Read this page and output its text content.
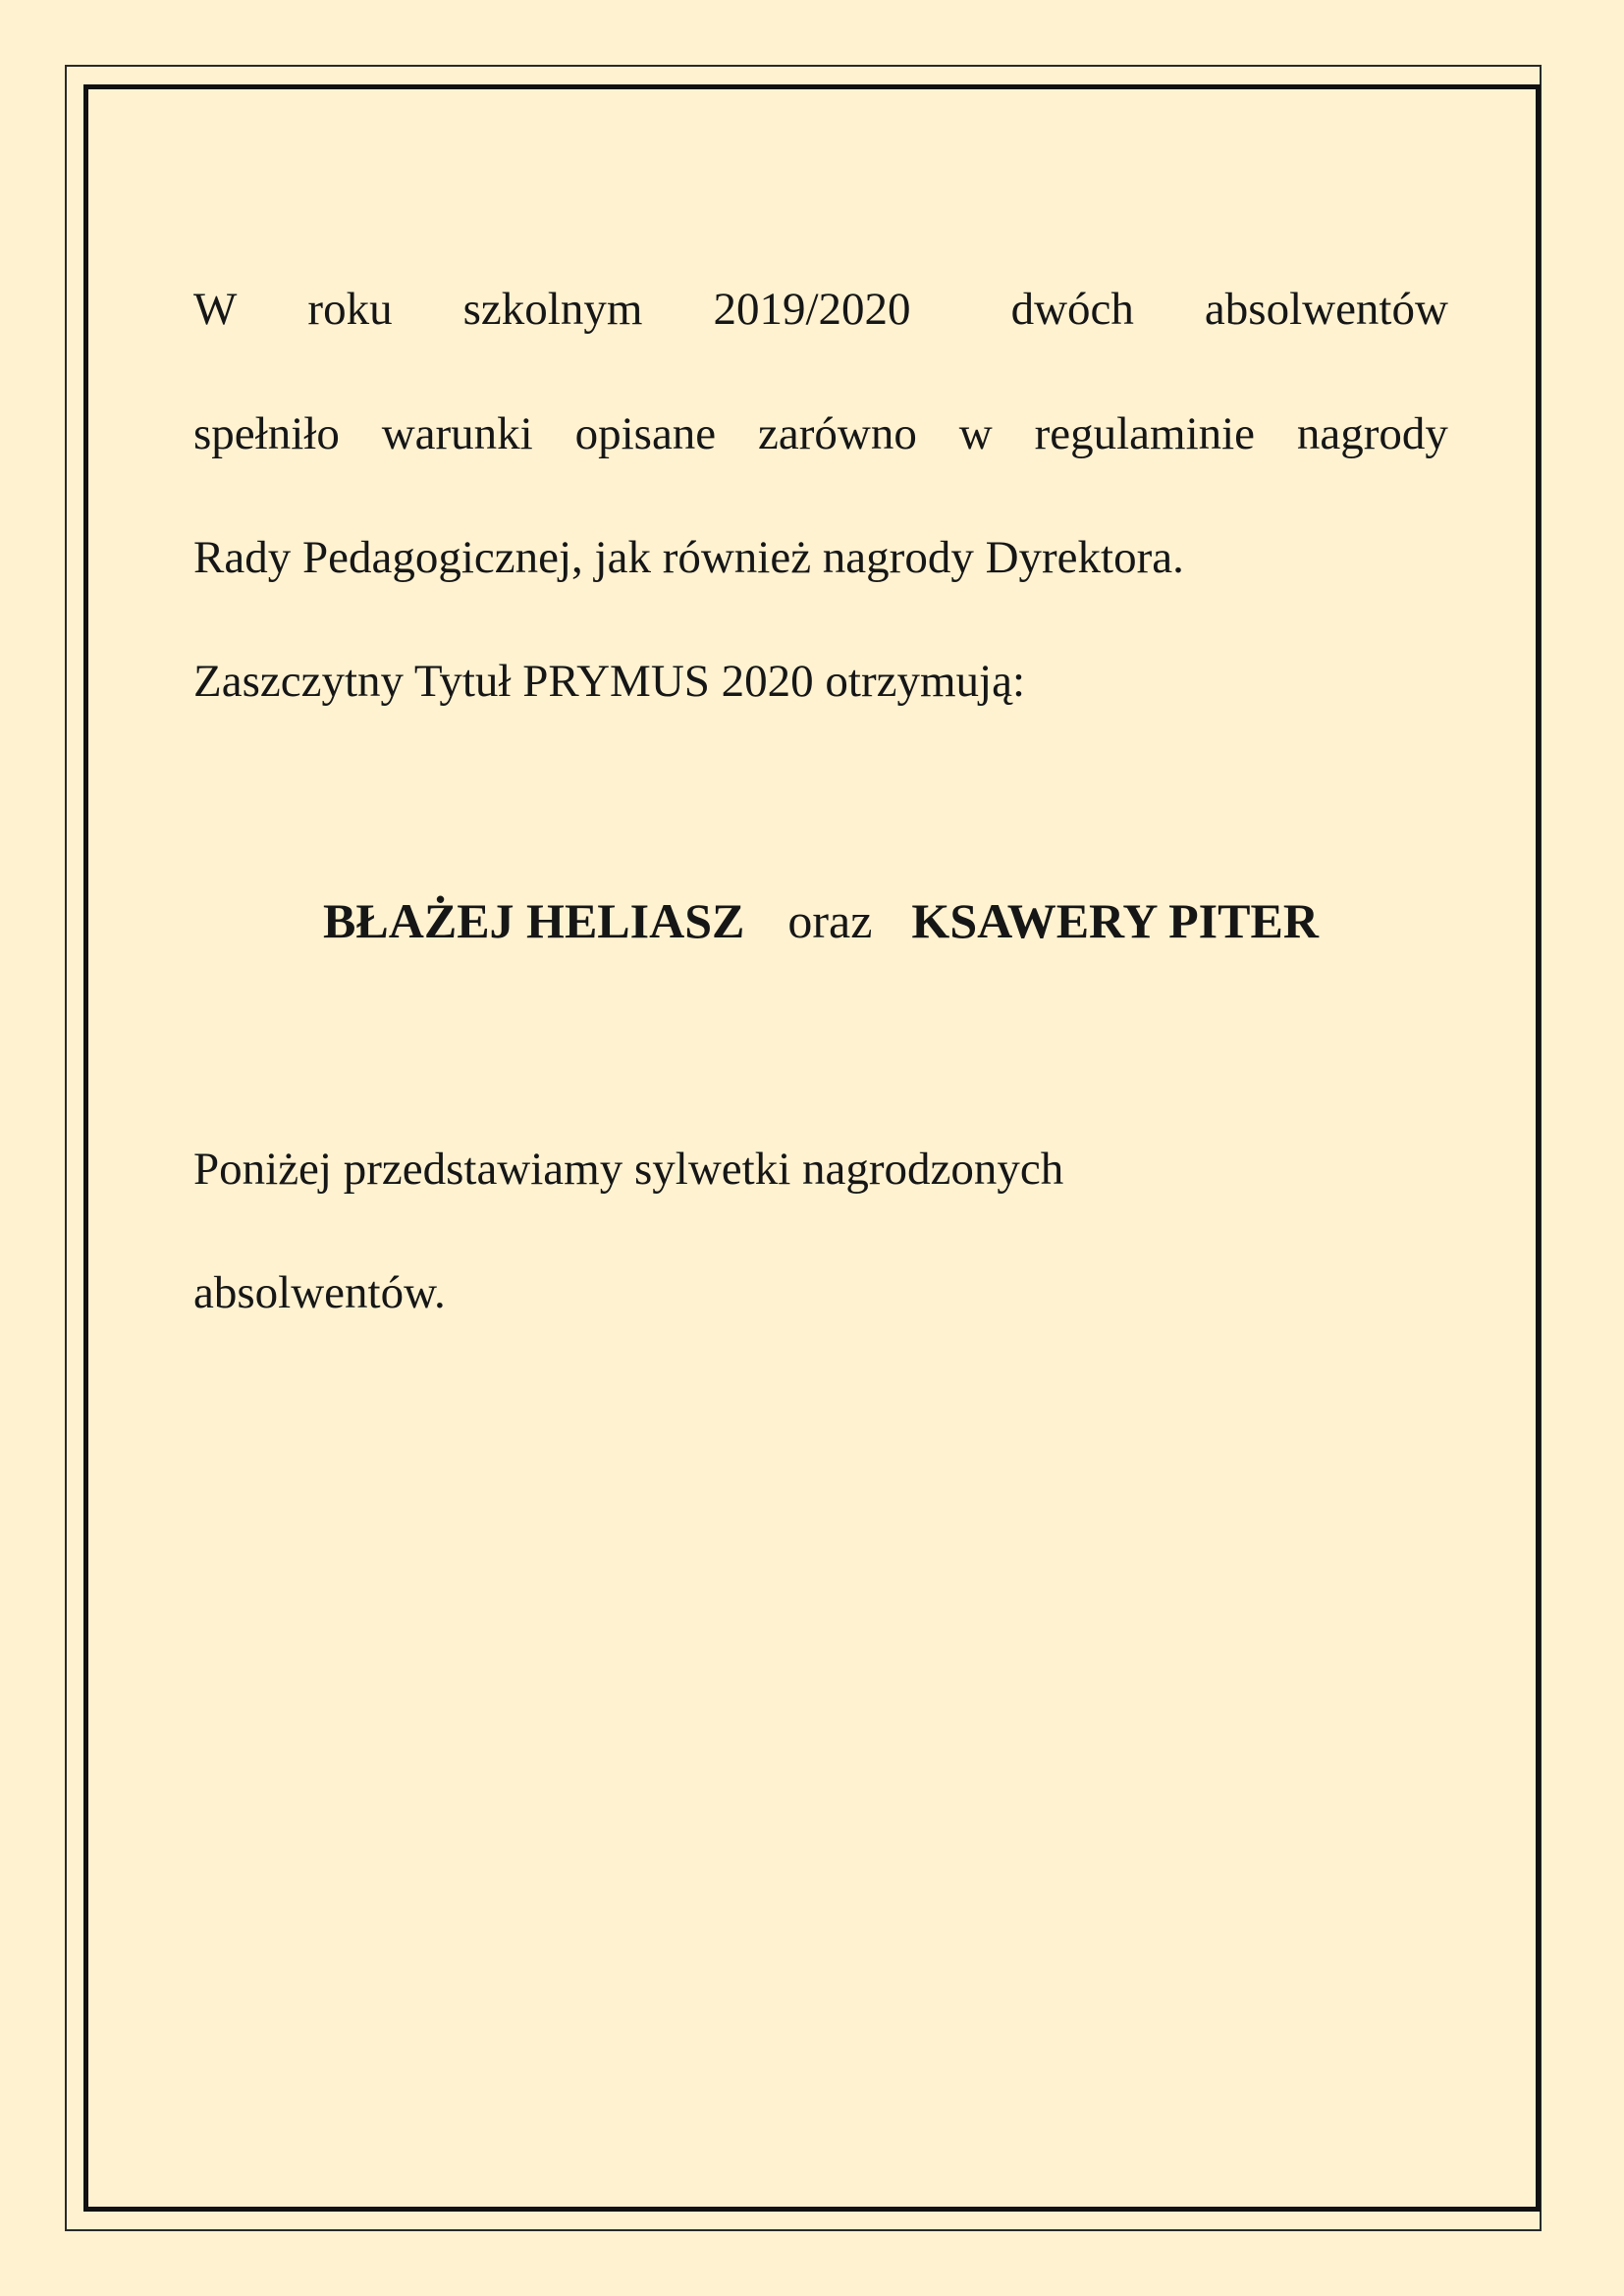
W roku szkolnym 2019/2020 dwóch absolwentów
spełniło warunki opisane zarówno w regulaminie nagrody
Rady Pedagogicznej, jak również nagrody Dyrektora.
Zaszczytny Tytuł PRYMUS 2020 otrzymują:
BŁAŻEJ HELIASZ oraz KSAWERY PITER
Poniżej przedstawiamy sylwetki nagrodzonych
absolwentów.
